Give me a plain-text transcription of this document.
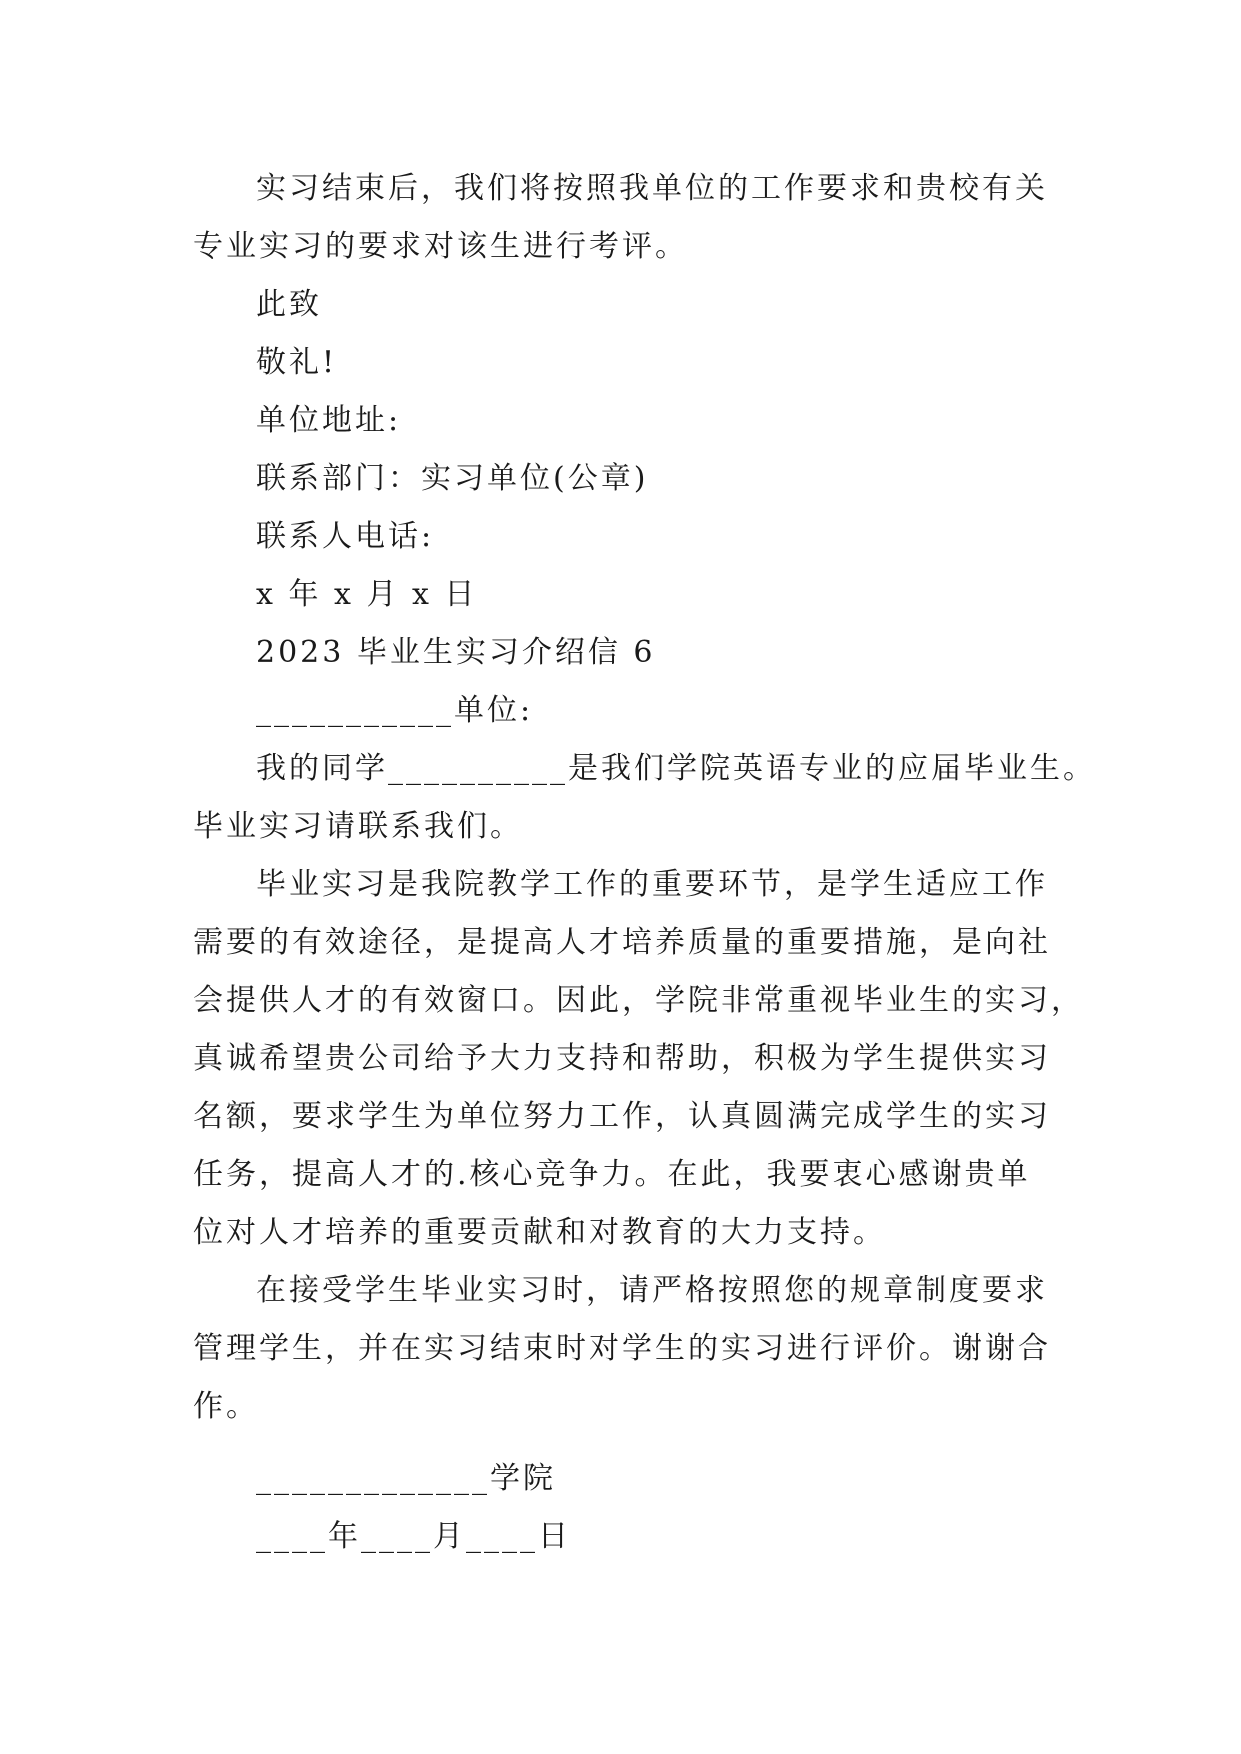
实习结束后，我们将按照我单位的工作要求和贵校有关

专业实习的要求对该生进行考评。

此致

敬礼!

单位地址:

联系部门：实习单位(公章)

联系人电话:

x 年 x 月 x 日

2023 毕业生实习介绍信 6

___________单位:

我的同学__________是我们学院英语专业的应届毕业生。

毕业实习请联系我们。

毕业实习是我院教学工作的重要环节，是学生适应工作

需要的有效途径，是提高人才培养质量的重要措施，是向社

会提供人才的有效窗口。因此，学院非常重视毕业生的实习，

真诚希望贵公司给予大力支持和帮助，积极为学生提供实习

名额，要求学生为单位努力工作，认真圆满完成学生的实习

任务，提高人才的.核心竞争力。在此，我要衷心感谢贵单

位对人才培养的重要贡献和对教育的大力支持。

在接受学生毕业实习时，请严格按照您的规章制度要求

管理学生，并在实习结束时对学生的实习进行评价。谢谢合

作。

_____________学院

____年____月____日
